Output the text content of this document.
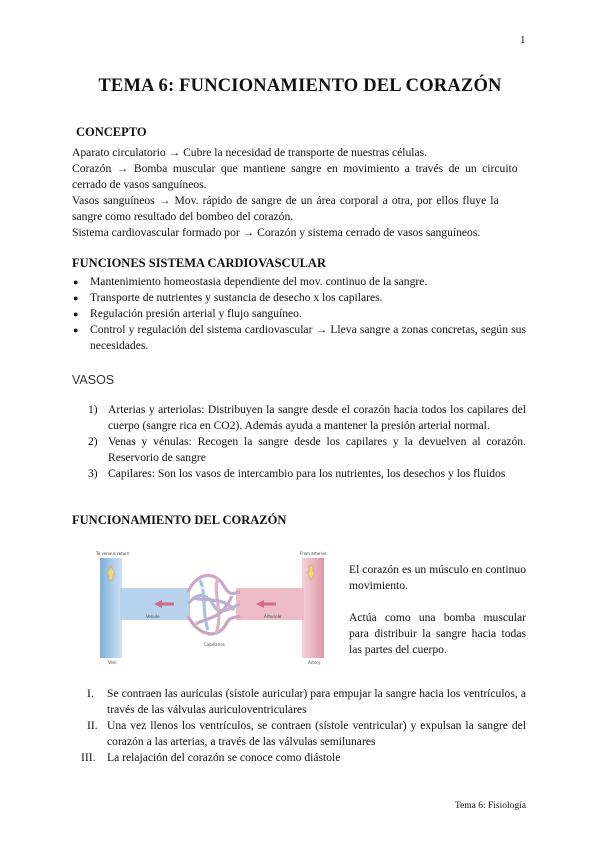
1
TEMA 6: FUNCIONAMIENTO DEL CORAZÓN
CONCEPTO
Aparato circulatorio → Cubre la necesidad de transporte de nuestras células.
Corazón → Bomba muscular que mantiene sangre en movimiento a través de un circuito
cerrado de vasos sanguíneos.
Vasos sanguíneos → Mov. rápido de sangre de un área corporal a otra, por ellos fluye la
sangre como resultado del bombeo del corazón.
Sistema cardiovascular formado por → Corazón y sistema cerrado de vasos sanguíneos.
FUNCIONES SISTEMA CARDIOVASCULAR
● Mantenimiento homeostasia dependiente del mov. continuo de la sangre.
● Transporte de nutrientes y sustancia de desecho x los capilares.
● Regulación presión arterial y flujo sanguíneo.
● Control y regulación del sistema cardiovascular → Lleva sangre a zonas concretas, según sus necesidades.
VASOS
1) Arterias y arteriolas: Distribuyen la sangre desde el corazón hacia todos los capilares del cuerpo (sangre rica en CO2). Además ayuda a mantener la presión arterial normal.
2) Venas y vénulas: Recogen la sangre desde los capilares y la devuelven al corazón. Reservorio de sangre
3) Capilares: Son los vasos de intercambio para los nutrientes, los desechos y los fluidos
FUNCIONAMIENTO DEL CORAZÓN
To venous return	From arteries
Venule	Arteriole
Capillaries
Vein	Artery
El corazón es un músculo en continuo movimiento.
Actúa como una bomba muscular para distribuir la sangre hacia todas las partes del cuerpo.
I. Se contraen las aurículas (sístole auricular) para empujar la sangre hacia los ventrículos, a través de las válvulas auriculoventriculares
II. Una vez llenos los ventrículos, se contraen (sístole ventricular) y expulsan la sangre del corazón a las arterias, a través de las válvulas semilunares
III. La relajación del corazón se conoce como diástole
Tema 6: Fisiología
